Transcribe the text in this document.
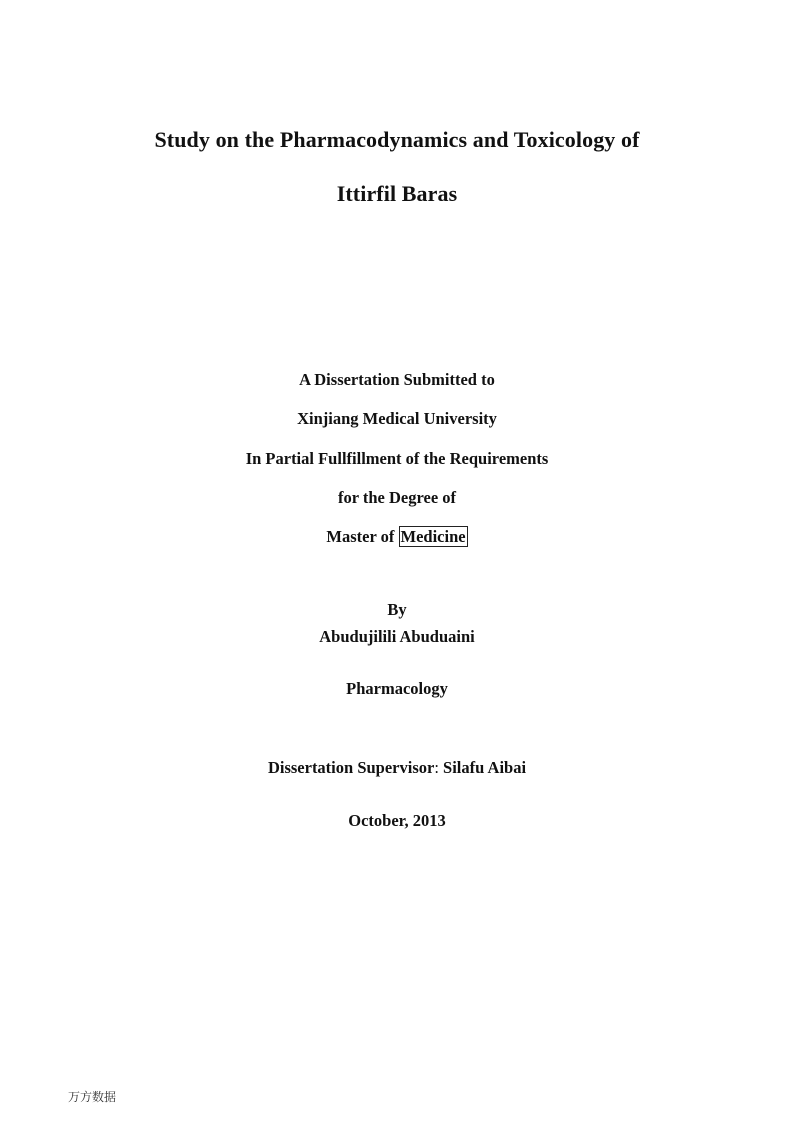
Study on the Pharmacodynamics and Toxicology of
Ittirfil Baras
A Dissertation Submitted to
Xinjiang Medical University
In Partial Fullfillment of the Requirements
for the Degree of
Master of Medicine
By
Abudujilili Abuduaini
Pharmacology
Dissertation Supervisor: Silafu Aibai
October, 2013
万方数据
